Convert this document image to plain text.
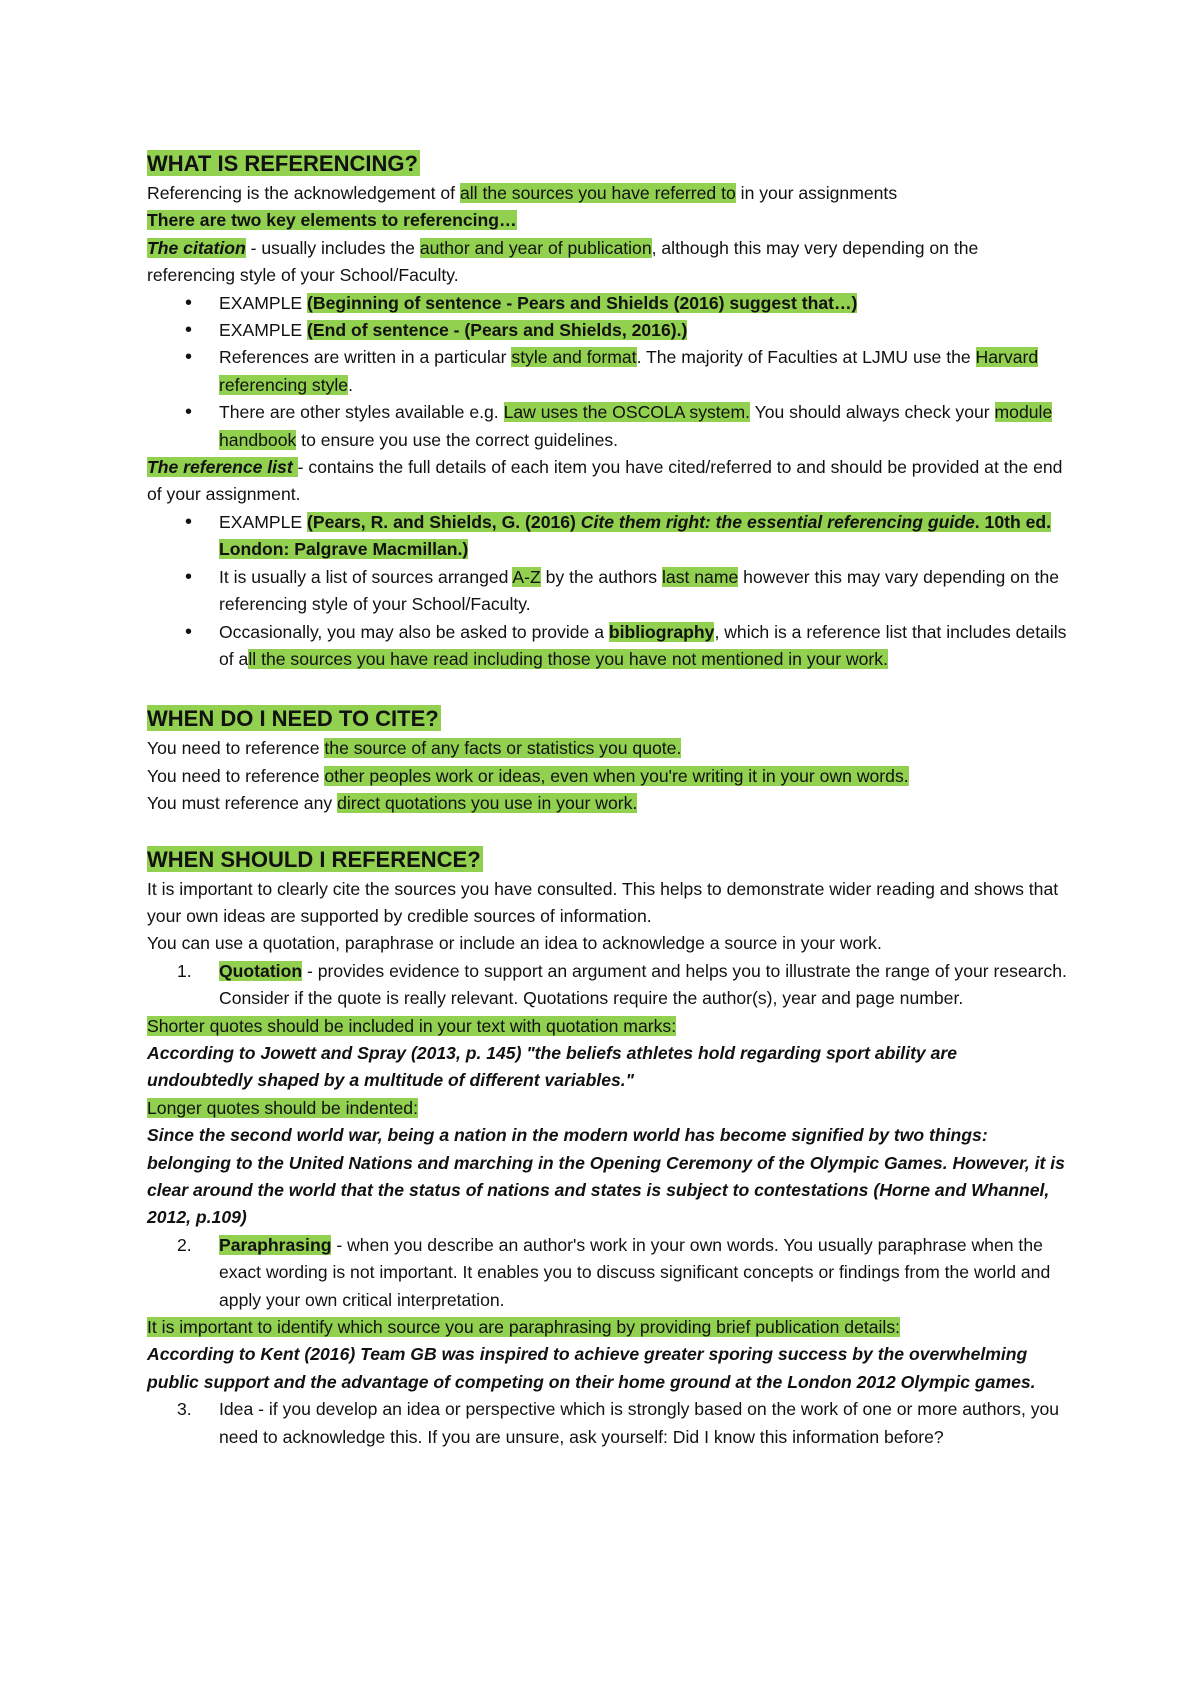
WHAT IS REFERENCING?

Referencing is the acknowledgement of all the sources you have referred to in your assignments

There are two key elements to referencing…

The citation - usually includes the author and year of publication, although this may very depending on the referencing style of your School/Faculty.

• EXAMPLE (Beginning of sentence - Pears and Shields (2016) suggest that…)
• EXAMPLE (End of sentence - (Pears and Shields, 2016).)
• References are written in a particular style and format. The majority of Faculties at LJMU use the Harvard referencing style.
• There are other styles available e.g. Law uses the OSCOLA system. You should always check your module handbook to ensure you use the correct guidelines.

The reference list - contains the full details of each item you have cited/referred to and should be provided at the end of your assignment.

• EXAMPLE (Pears, R. and Shields, G. (2016) Cite them right: the essential referencing guide. 10th ed. London: Palgrave Macmillan.)
• It is usually a list of sources arranged A-Z by the authors last name however this may vary depending on the referencing style of your School/Faculty.
• Occasionally, you may also be asked to provide a bibliography, which is a reference list that includes details of all the sources you have read including those you have not mentioned in your work.
WHEN DO I NEED TO CITE?

You need to reference the source of any facts or statistics you quote.

You need to reference other peoples work or ideas, even when you're writing it in your own words.

You must reference any direct quotations you use in your work.

WHEN SHOULD I REFERENCE?

It is important to clearly cite the sources you have consulted. This helps to demonstrate wider reading and shows that your own ideas are supported by credible sources of information.

You can use a quotation, paraphrase or include an idea to acknowledge a source in your work.

1. Quotation - provides evidence to support an argument and helps you to illustrate the range of your research. Consider if the quote is really relevant. Quotations require the author(s), year and page number.

Shorter quotes should be included in your text with quotation marks:

According to Jowett and Spray (2013, p. 145) "the beliefs athletes hold regarding sport ability are undoubtedly shaped by a multitude of different variables."

Longer quotes should be indented:

Since the second world war, being a nation in the modern world has become signified by two things: belonging to the United Nations and marching in the Opening Ceremony of the Olympic Games. However, it is clear around the world that the status of nations and states is subject to contestations (Horne and Whannel, 2012, p.109)

2. Paraphrasing - when you describe an author's work in your own words. You usually paraphrase when the exact wording is not important. It enables you to discuss significant concepts or findings from the world and apply your own critical interpretation.

It is important to identify which source you are paraphrasing by providing brief publication details:

According to Kent (2016) Team GB was inspired to achieve greater sporing success by the overwhelming public support and the advantage of competing on their home ground at the London 2012 Olympic games.

3. Idea - if you develop an idea or perspective which is strongly based on the work of one or more authors, you need to acknowledge this. If you are unsure, ask yourself: Did I know this information before?
